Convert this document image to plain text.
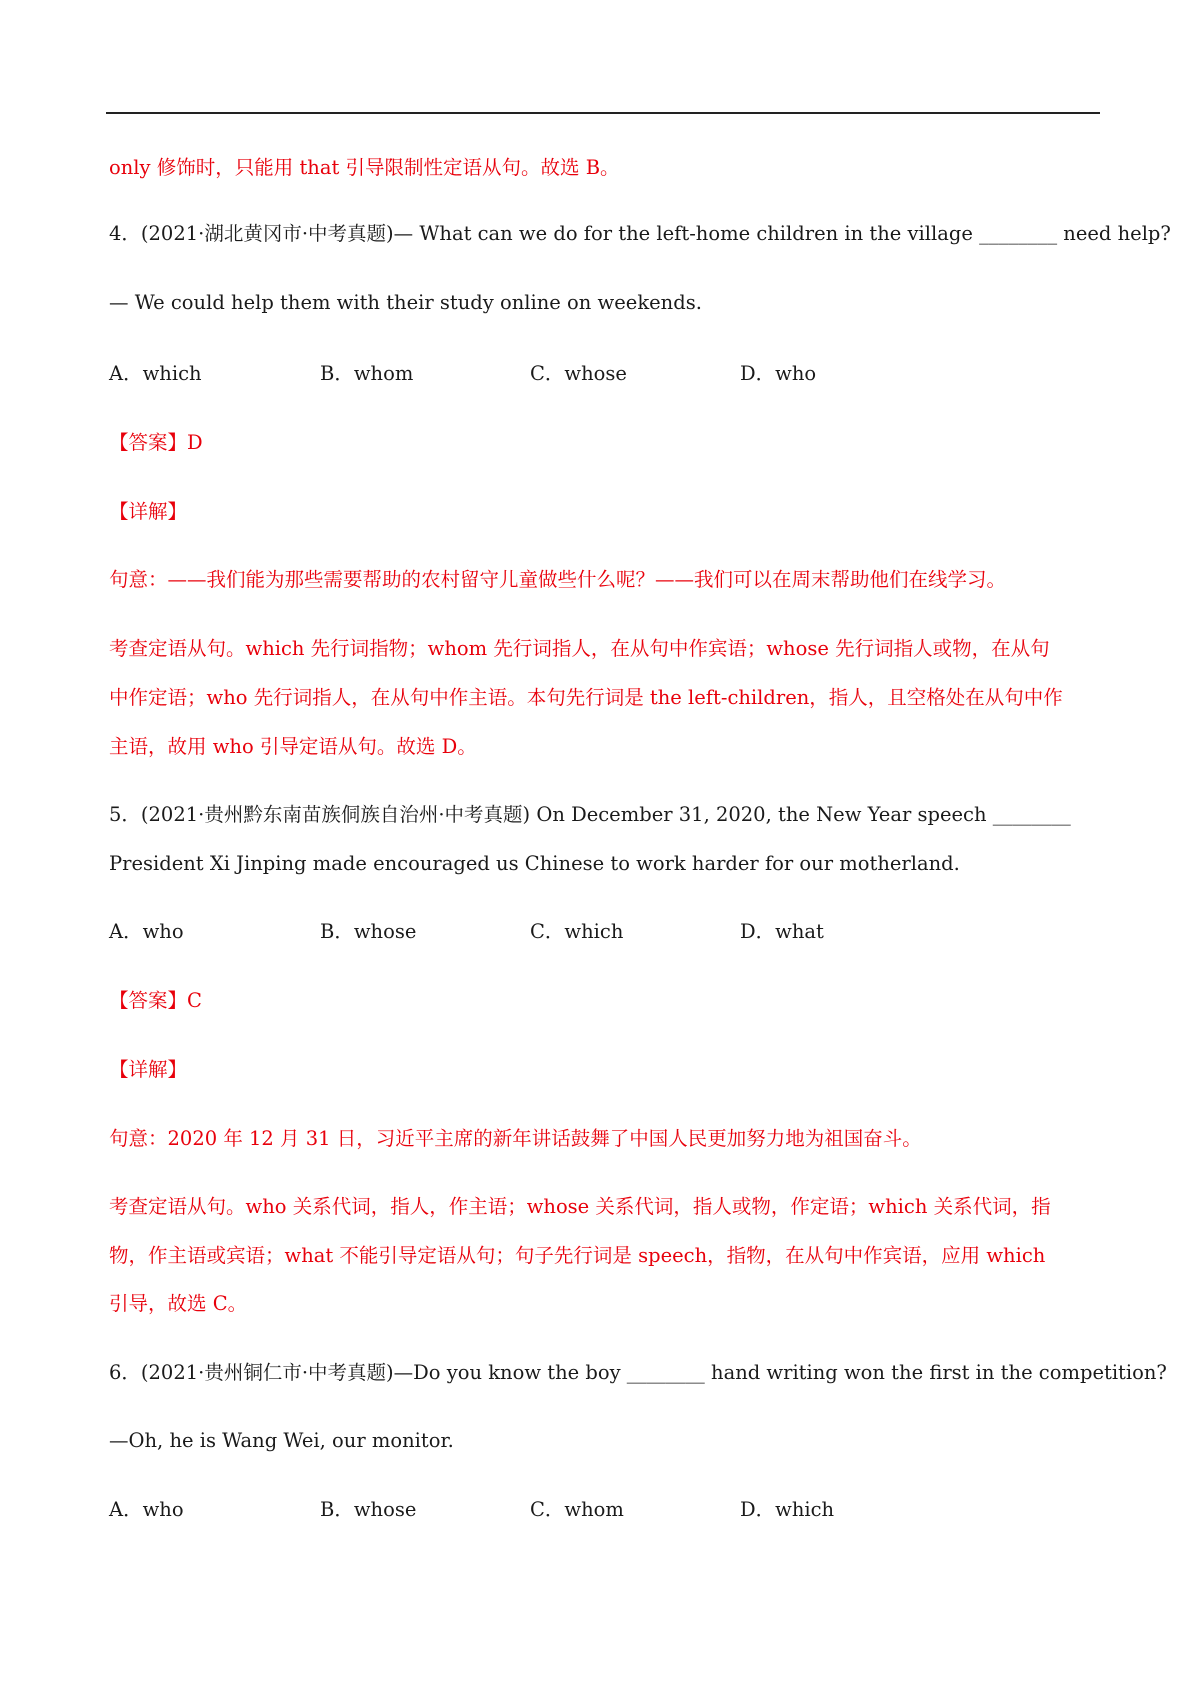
only 修饰时，只能用 that 引导限制性定语从句。故选 B。
4．(2021·湖北黄冈市·中考真题)— What can we do for the left-home children in the village ________ need help?
— We could help them with their study online on weekends.
A．which	B．whom	C．whose	D．who
【答案】D
【详解】
句意：——我们能为那些需要帮助的农村留守儿童做些什么呢？——我们可以在周末帮助他们在线学习。
考查定语从句。which 先行词指物；whom 先行词指人，在从句中作宾语；whose 先行词指人或物，在从句
中作定语；who 先行词指人，在从句中作主语。本句先行词是 the left-children，指人，且空格处在从句中作
主语，故用 who 引导定语从句。故选 D。
5．(2021·贵州黔东南苗族侗族自治州·中考真题) On December 31, 2020, the New Year speech ________
President Xi Jinping made encouraged us Chinese to work harder for our motherland.
A．who	B．whose	C．which	D．what
【答案】C
【详解】
句意：2020 年 12 月 31 日，习近平主席的新年讲话鼓舞了中国人民更加努力地为祖国奋斗。
考查定语从句。who 关系代词，指人，作主语；whose 关系代词，指人或物，作定语；which 关系代词，指
物，作主语或宾语；what 不能引导定语从句；句子先行词是 speech，指物，在从句中作宾语，应用 which
引导，故选 C。
6．(2021·贵州铜仁市·中考真题)—Do you know the boy ________ hand writing won the first in the competition?
—Oh, he is Wang Wei, our monitor.
A．who	B．whose	C．whom	D．which
